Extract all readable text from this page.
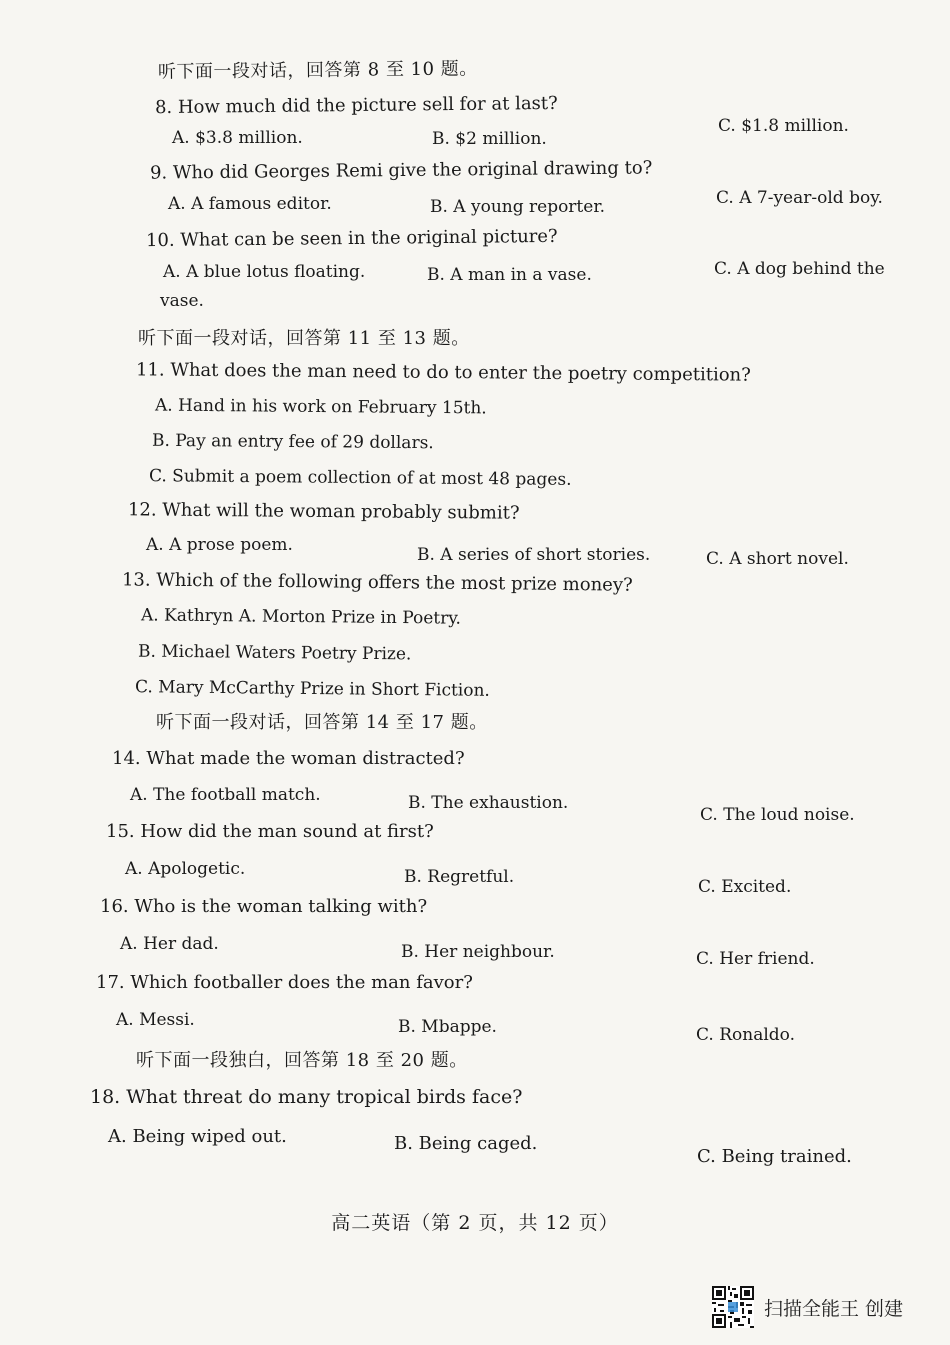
听下面一段对话，回答第 8 至 10 题。
8. How much did the picture sell for at last?
A. $3.8 million.	B. $2 million.
C. $1.8 million.
9. Who did Georges Remi give the original drawing to?
A. A famous editor.	B. A young reporter.	C. A 7-year-old boy.
10. What can be seen in the original picture?
A. A blue lotus floating.	B. A man in a vase.	C. A dog behind the
vase.
听下面一段对话，回答第 11 至 13 题。
11. What does the man need to do to enter the poetry competition?
A. Hand in his work on February 15th.
B. Pay an entry fee of 29 dollars.
C. Submit a poem collection of at most 48 pages.
12. What will the woman probably submit?
A. A prose poem.	B. A series of short stories.	C. A short novel.
13. Which of the following offers the most prize money?
A. Kathryn A. Morton Prize in Poetry.
B. Michael Waters Poetry Prize.
C. Mary McCarthy Prize in Short Fiction.
听下面一段对话，回答第 14 至 17 题。
14. What made the woman distracted?
A. The football match.	B. The exhaustion.
C. The loud noise.
15. How did the man sound at first?
A. Apologetic.	B. Regretful.	C. Excited.
16. Who is the woman talking with?
A. Her dad.	B. Her neighbour.	C. Her friend.
17. Which footballer does the man favor?
A. Messi.	B. Mbappe.	C. Ronaldo.
听下面一段独白，回答第 18 至 20 题。
18. What threat do many tropical birds face?
A. Being wiped out.	B. Being caged.
C. Being trained.
高二英语（第 2 页，共 12 页）
扫描全能王 创建
